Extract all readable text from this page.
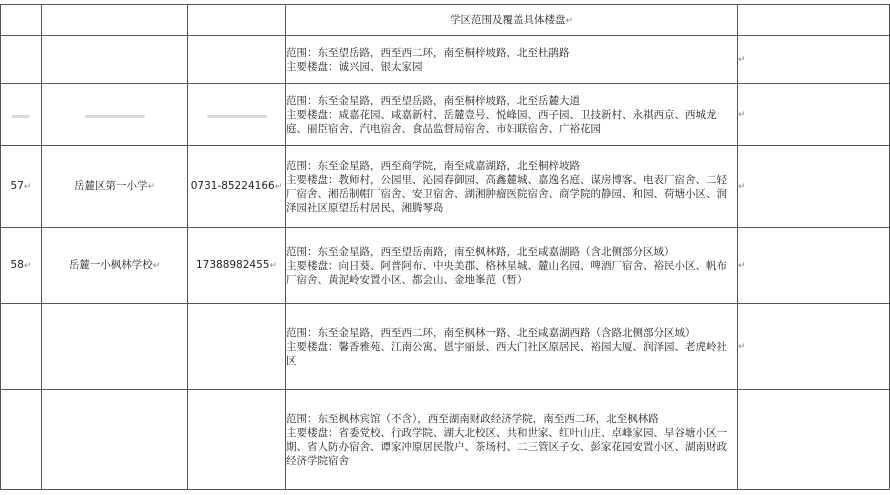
			学区范围及覆盖具体楼盘↵	

			范围：东至望岳路，西至西二环，南至桐梓坡路，北至杜鹃路
主要楼盘：诚兴园、银太家园	↵

			范围：东至金星路，西至望岳路，南至桐梓坡路，北至岳麓大道
主要楼盘：咸嘉花园、咸嘉新村、岳麓壹号、悦峰园、西子园、卫技新村、永祺西京、西城龙庭、丽臣宿舍、汽电宿舍、食品监督局宿舍、市妇联宿舍、广裕花园	↵
57↵	岳麓区第一小学↵	0731-85224166↵	范围：东至金星路，西至商学院，南至咸嘉湖路，北至桐梓坡路
主要楼盘：教师村，公园里、沁园春御园、高鑫麓城、嘉逸名庭、谋房博客、电表厂宿舍、二轻厂宿舍、湘岳制帽厂宿舍、安卫宿舍、湖湘肿瘤医院宿舍、商学院的静园、和园、荷塘小区、润泽园社区原望岳村居民、湘腾琴岛	↵
58↵	岳麓一小枫林学校↵	17388982455↵	范围：东至金星路，西至望岳南路，南至枫林路，北至咸嘉湖路（含北侧部分区域）
主要楼盘：向日葵、阿普阿布、中央美郡、格林星城、麓山名园、啤酒厂宿舍、裕民小区、帆布厂宿舍、黄泥岭安置小区、都会山、金地峯范（暂）	↵

			范围：东至金星路，西至西二环，南至枫林一路、北至咸嘉湖西路（含路北侧部分区域）
主要楼盘：馨香雅苑、江南公寓、恩宇丽景、西大门社区原居民、裕园大厦、润泽园、老虎岭社区	↵

			范围：东至枫林宾馆（不含），西至湖南财政经济学院，南至西二环，北至枫林路
主要楼盘：省委党校、行政学院、湖大北校区、共和世家、红叶山庄、卓峰家园、早谷塘小区一期、省人防办宿舍、谭家冲原居民散户、茶场村、二三管区子女、彭家花园安置小区、湖南财政经济学院宿舍	
